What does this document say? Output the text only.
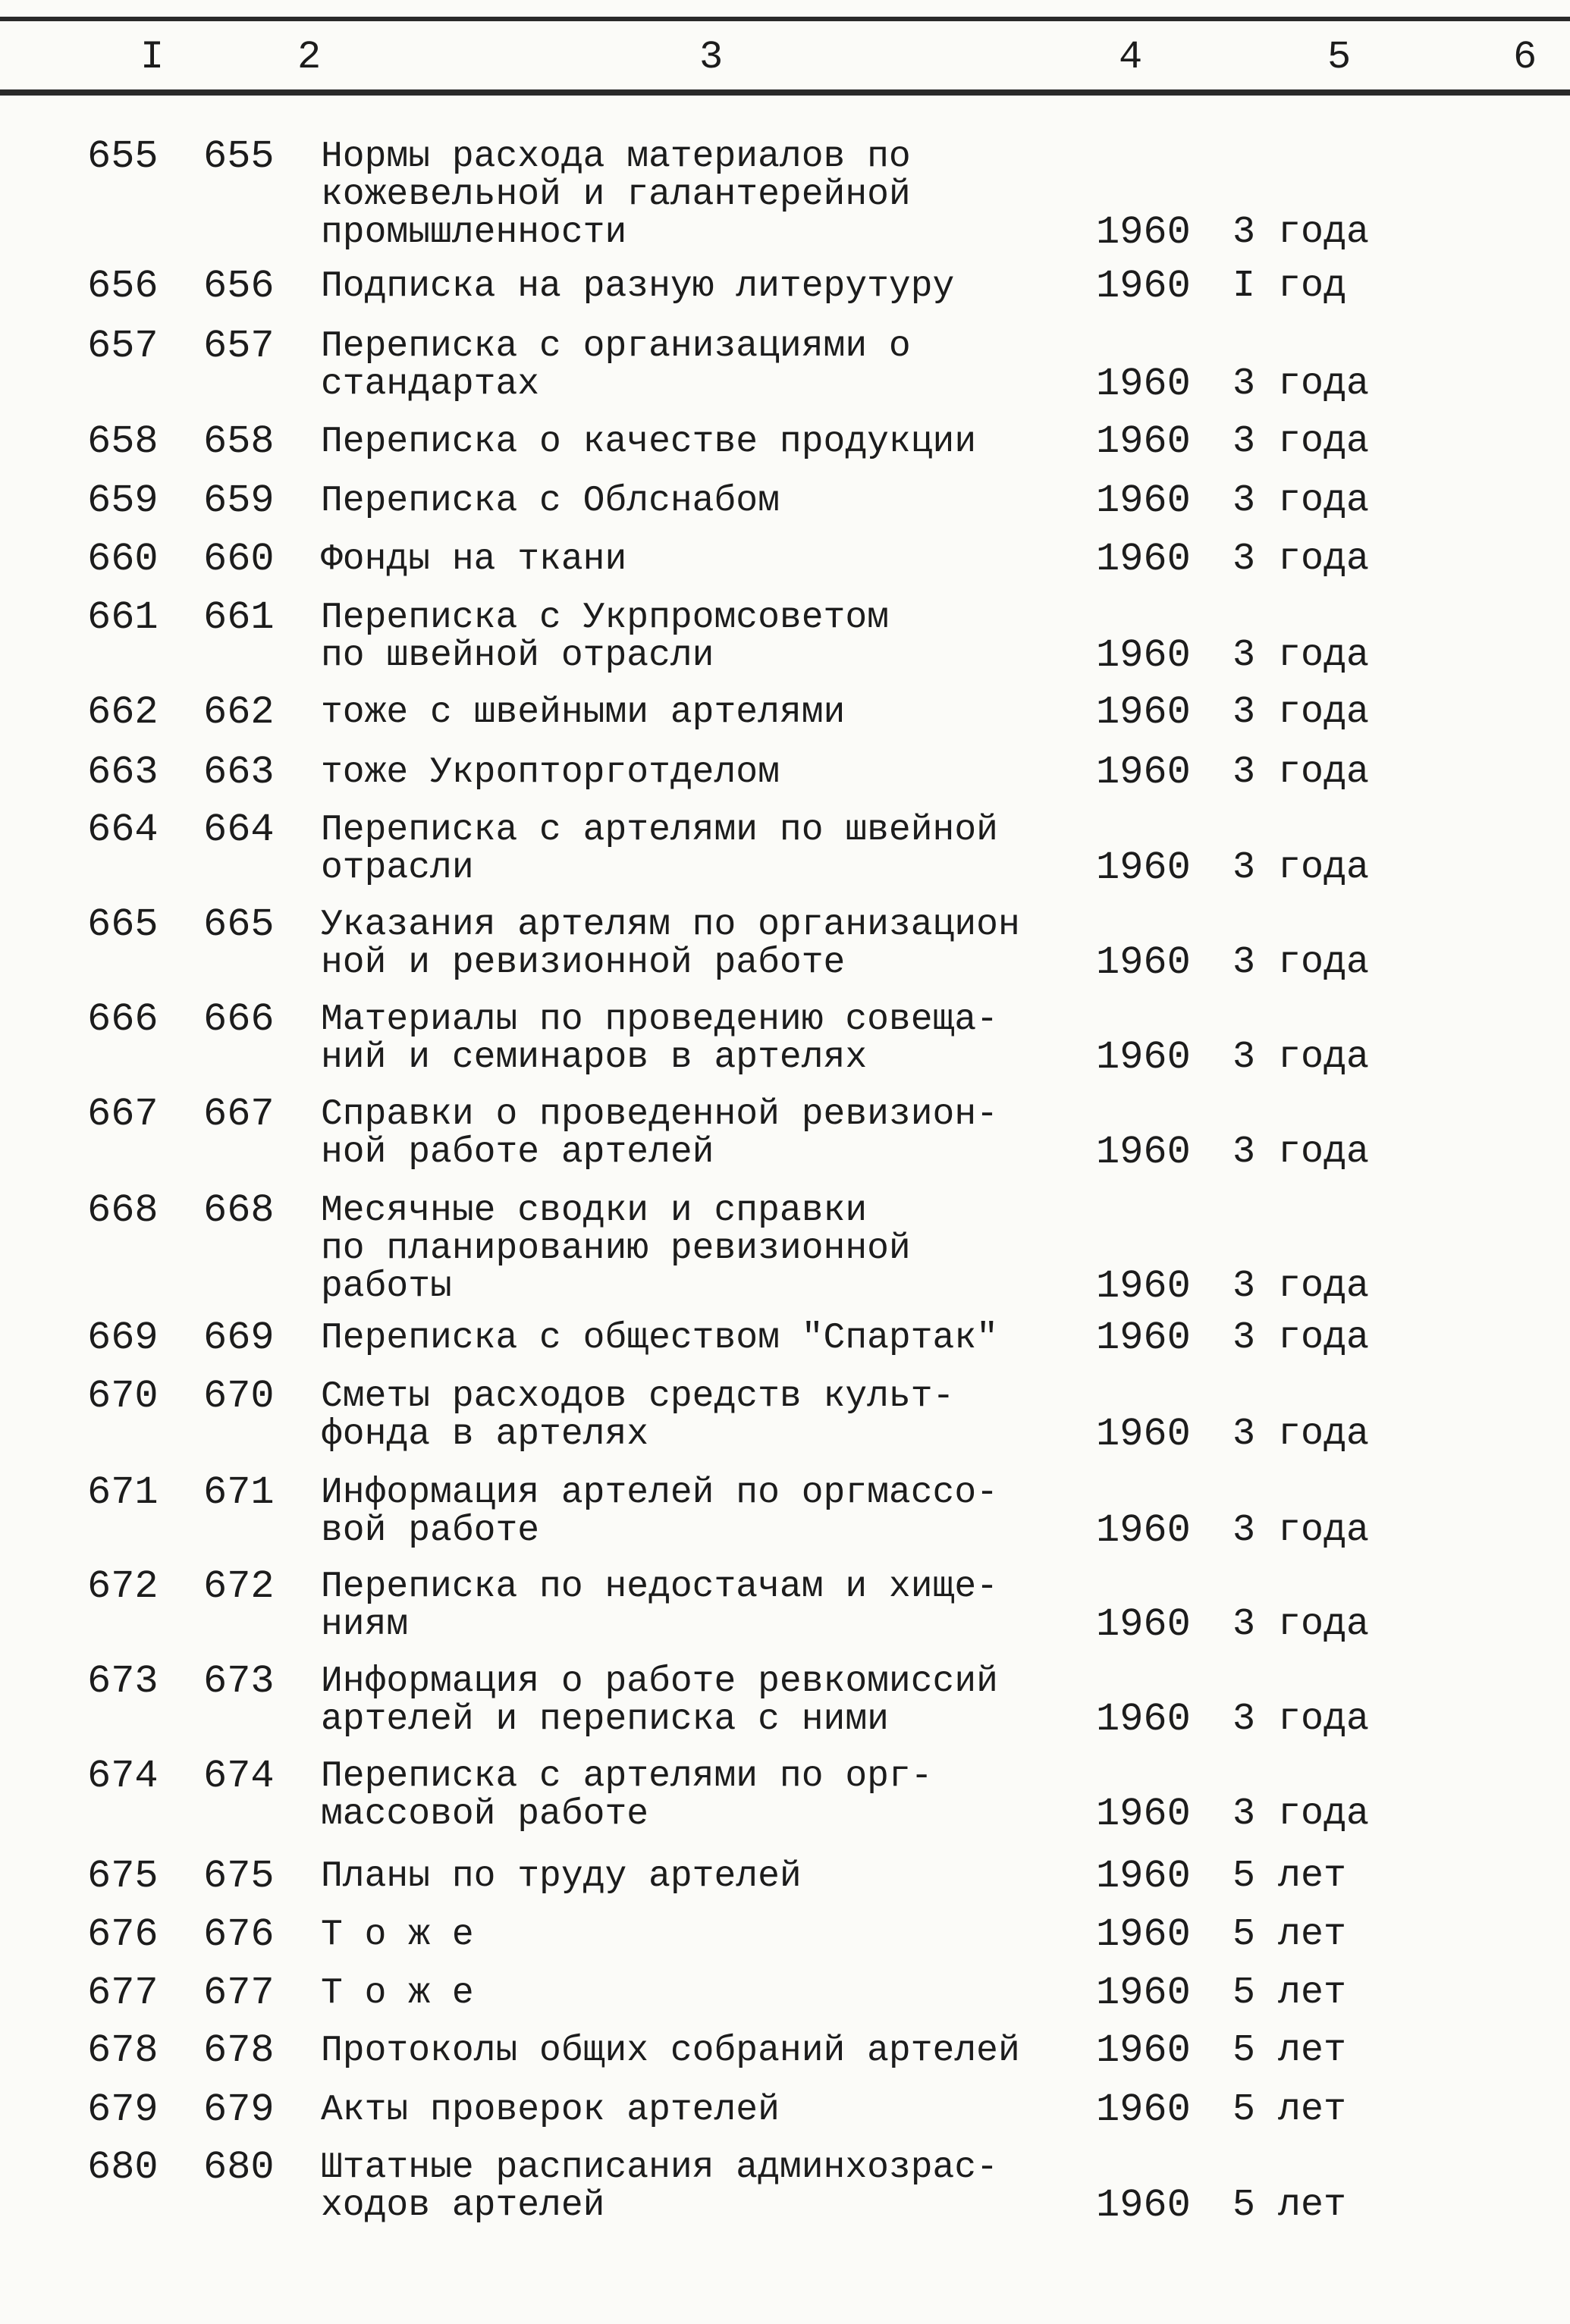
I	2	3	4	5	6
655 655 Нормы расхода материалов по
кожевельной и галантерейной
промышленности	1960 3 года
656 656 Подписка на разную литерутуру	1960 I год
657 657 Переписка с организациями о
стандартах	1960 3 года
658 658 Переписка о качестве продукции	1960 3 года
659 659 Переписка с Облснабом	1960 3 года
660 660 Фонды на ткани	1960 3 года
661 661 Переписка с Укрпромсоветом
по швейной отрасли	1960 3 года
662 662 тоже с швейными артелями	1960 3 года
663 663 тоже Укропторготделом	1960 3 года
664 664 Переписка с артелями по швейной
отрасли	1960 3 года
665 665 Указания артелям по организацион
ной и ревизионной работе	1960 3 года
666 666 Материалы по проведению совеща-
ний и семинаров в артелях	1960 3 года
667 667 Справки о проведенной ревизион-
ной работе артелей	1960 3 года
668 668 Месячные сводки и справки
по планированию ревизионной
работы	1960 3 года
669 669 Переписка с обществом "Спартак"	1960 3 года
670 670 Сметы расходов средств культ-
фонда в артелях	1960 3 года
671 671 Информация артелей по оргмассо-
вой работе	1960 3 года
672 672 Переписка по недостачам и хище-
ниям	1960 3 года
673 673 Информация о работе ревкомиссий
артелей и переписка с ними	1960 3 года
674 674 Переписка с артелями по орг-
массовой работе	1960 3 года
675 675 Планы по труду артелей	1960 5 лет
676 676 Т о ж е	1960 5 лет
677 677 Т о ж е	1960 5 лет
678 678 Протоколы общих собраний артелей	1960 5 лет
679 679 Акты проверок артелей	1960 5 лет
680 680 Штатные расписания админхозрас-
ходов артелей	1960 5 лет
